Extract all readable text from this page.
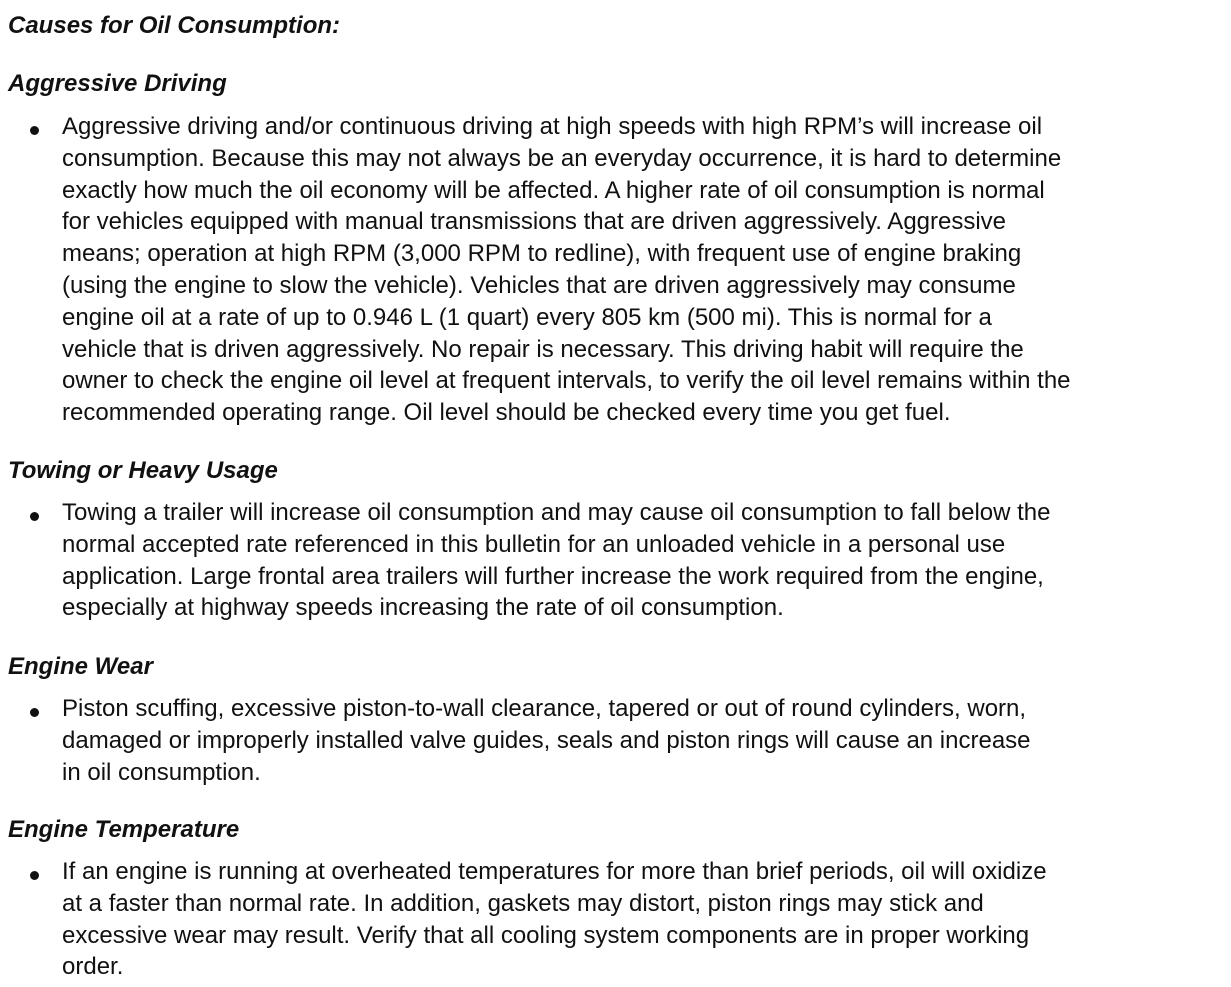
Causes for Oil Consumption:
Aggressive Driving

Aggressive driving and/or continuous driving at high speeds with high RPM’s will increase oil
consumption. Because this may not always be an everyday occurrence, it is hard to determine
exactly how much the oil economy will be affected. A higher rate of oil consumption is normal
for vehicles equipped with manual transmissions that are driven aggressively. Aggressive
means; operation at high RPM (3,000 RPM to redline), with frequent use of engine braking
(using the engine to slow the vehicle). Vehicles that are driven aggressively may consume
engine oil at a rate of up to 0.946 L (1 quart) every 805 km (500 mi). This is normal for a
vehicle that is driven aggressively. No repair is necessary. This driving habit will require the
owner to check the engine oil level at frequent intervals, to verify the oil level remains within the
recommended operating range. Oil level should be checked every time you get fuel.

Towing or Heavy Usage

Towing a trailer will increase oil consumption and may cause oil consumption to fall below the
normal accepted rate referenced in this bulletin for an unloaded vehicle in a personal use
application. Large frontal area trailers will further increase the work required from the engine,
especially at highway speeds increasing the rate of oil consumption.

Engine Wear

Piston scuffing, excessive piston-to-wall clearance, tapered or out of round cylinders, worn,
damaged or improperly installed valve guides, seals and piston rings will cause an increase
in oil consumption.

Engine Temperature

If an engine is running at overheated temperatures for more than brief periods, oil will oxidize
at a faster than normal rate. In addition, gaskets may distort, piston rings may stick and
excessive wear may result. Verify that all cooling system components are in proper working
order.
